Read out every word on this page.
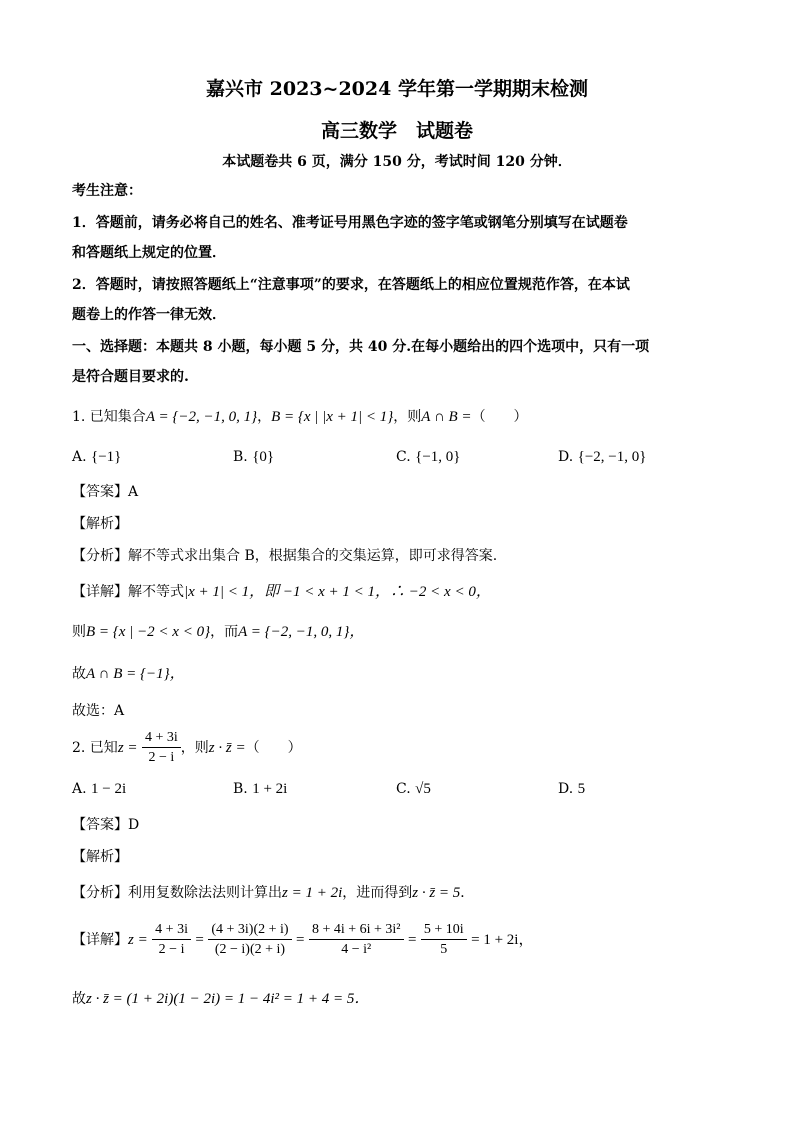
嘉兴市 2023~2024 学年第一学期期末检测
高三数学　试题卷
本试题卷共 6 页，满分 150 分，考试时间 120 分钟．
考生注意：
1．答题前，请务必将自己的姓名、准考证号用黑色字迹的签字笔或钢笔分别填写在试题卷
和答题纸上规定的位置．
2．答题时，请按照答题纸上“注意事项”的要求，在答题纸上的相应位置规范作答，在本试
题卷上的作答一律无效．
一、选择题：本题共 8 小题，每小题 5 分，共 40 分.在每小题给出的四个选项中，只有一项
是符合题目要求的.
1. 已知集合A = {−2, −1, 0, 1}，B = {x | |x + 1| < 1}，则A ∩ B =（　　）
A. {−1}	B. {0}	C. {−1, 0}	D. {−2, −1, 0}
【答案】A
【解析】
【分析】解不等式求出集合 B，根据集合的交集运算，即可求得答案.
【详解】解不等式|x + 1| < 1，即 −1 < x + 1 < 1，∴ −2 < x < 0，
则B = {x | −2 < x < 0}，而A = {−2, −1, 0, 1}，
故A ∩ B = {−1}，
故选：A
2. 已知$z = \frac{4 + 3i}{2 - i}$ ，则z · z̄ =（　　）
A. 1 − 2i	B. 1 + 2i	C. √5	D. 5
【答案】D
【解析】
【分析】利用复数除法法则计算出z = 1 + 2i，进而得到z · z̄ = 5．
【详解】$z = \frac{4 + 3i}{2 - i} = \frac{(4 + 3i)(2 + i)}{(2 - i)(2 + i)} = \frac{\text{8 + 4i + 6i + 3i²}}{\text{4 − i²}} = \frac{5 + 10i}{5} = 1 + 2i$，
故z · z̄ = (1 + 2i)(1 − 2i) = 1 − 4i² = 1 + 4 = 5．
